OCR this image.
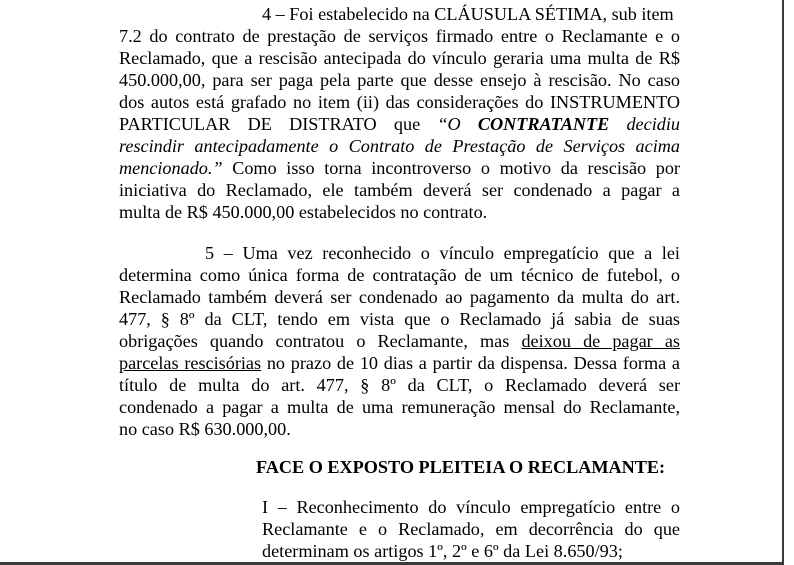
4 – Foi estabelecido na CLÁUSULA SÉTIMA, sub item
7.2 do contrato de prestação de serviços firmado entre o Reclamante e o
Reclamado, que a rescisão antecipada do vínculo geraria uma multa de R$
450.000,00, para ser paga pela parte que desse ensejo à rescisão. No caso
dos autos está grafado no item (ii) das considerações do INSTRUMENTO
PARTICULAR DE DISTRATO que “O CONTRATANTE decidiu
rescindir antecipadamente o Contrato de Prestação de Serviços acima
mencionado.” Como isso torna incontroverso o motivo da rescisão por
iniciativa do Reclamado, ele também deverá ser condenado a pagar a
multa de R$ 450.000,00 estabelecidos no contrato.
5 – Uma vez reconhecido o vínculo empregatício que a lei
determina como única forma de contratação de um técnico de futebol, o
Reclamado também deverá ser condenado ao pagamento da multa do art.
477, § 8º da CLT, tendo em vista que o Reclamado já sabia de suas
obrigações quando contratou o Reclamante, mas deixou de pagar as
parcelas rescisórias no prazo de 10 dias a partir da dispensa. Dessa forma a
título de multa do art. 477, § 8º da CLT, o Reclamado deverá ser
condenado a pagar a multa de uma remuneração mensal do Reclamante,
no caso R$ 630.000,00.
FACE O EXPOSTO PLEITEIA O RECLAMANTE:
I – Reconhecimento do vínculo empregatício entre o
Reclamante e o Reclamado, em decorrência do que
determinam os artigos 1º, 2º e 6º da Lei 8.650/93;
